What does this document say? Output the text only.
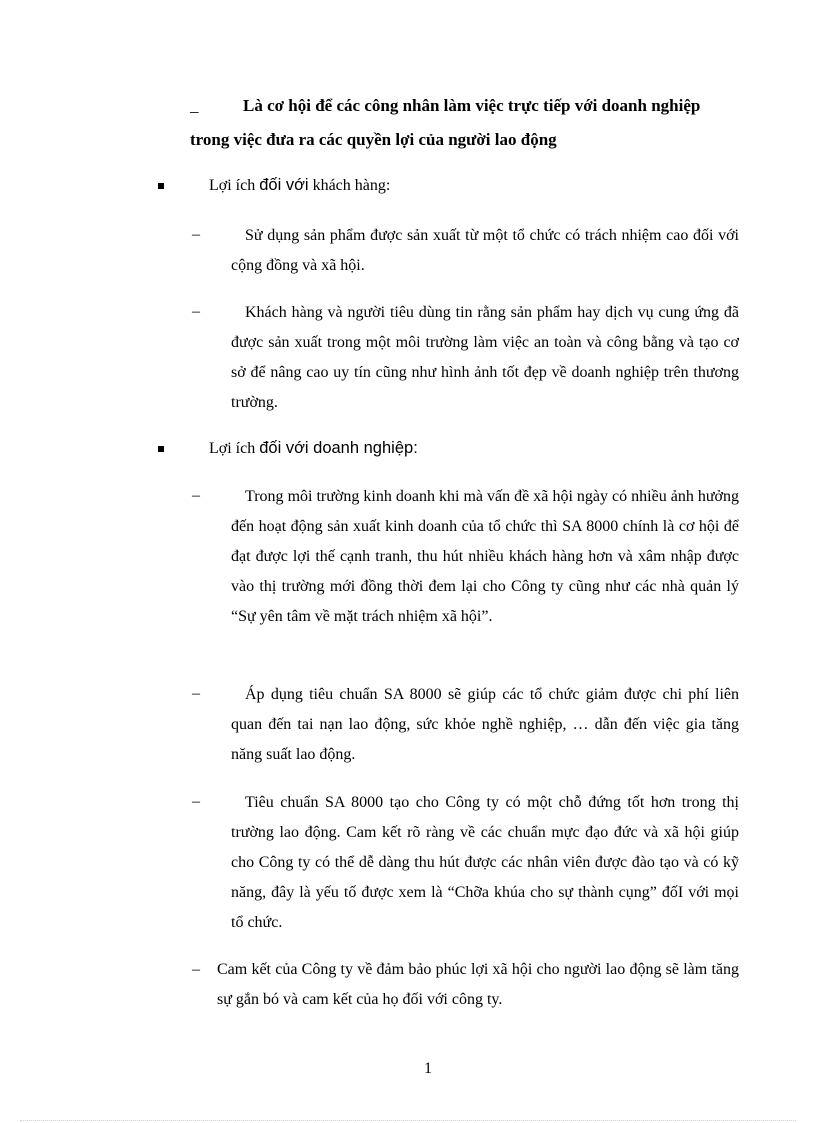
_	Là cơ hội để các công nhân làm việc trực tiếp với doanh nghiệp
trong việc đưa ra các quyền lợi của người lao động
Lợi ích đối với khách hàng:
–	Sử dụng sản phẩm được sản xuất từ một tổ chức có trách nhiệm cao đối với cộng đồng và xã hội.
–	Khách hàng và người tiêu dùng tin rằng sản phẩm hay dịch vụ cung ứng đã được sản xuất trong một môi trường làm việc an toàn và công bằng và tạo cơ sở để nâng cao uy tín cũng như hình ảnh tốt đẹp về doanh nghiệp trên thương trường.
Lợi ích đối với doanh nghiệp:
–	Trong môi trường kinh doanh khi mà vấn đề xã hội ngày có nhiều ảnh hưởng đến hoạt động sản xuất kinh doanh của tổ chức thì SA 8000 chính là cơ hội để đạt được lợi thế cạnh tranh, thu hút nhiều khách hàng hơn và xâm nhập được vào thị trường mới đồng thời đem lại cho Công ty cũng như các nhà quản lý “Sự yên tâm về mặt trách nhiệm xã hội”.
–	Áp dụng tiêu chuẩn SA 8000 sẽ giúp các tổ chức giảm được chi phí liên quan đến tai nạn lao động, sức khỏe nghề nghiệp, … dẫn đến việc gia tăng năng suất lao động.
–	Tiêu chuẩn SA 8000 tạo cho Công ty có một chỗ đứng tốt hơn trong thị trường lao động. Cam kết rõ ràng về các chuẩn mực đạo đức và xã hội giúp cho Công ty có thể dễ dàng thu hút được các nhân viên được đào tạo và có kỹ năng, đây là yếu tố được xem là “Chỡa khúa cho sự thành cụng” đốI với mọi tổ chức.
– Cam kết của Công ty về đảm bảo phúc lợi xã hội cho người lao động sẽ làm tăng sự gắn bó và cam kết của họ đối với công ty.
1
